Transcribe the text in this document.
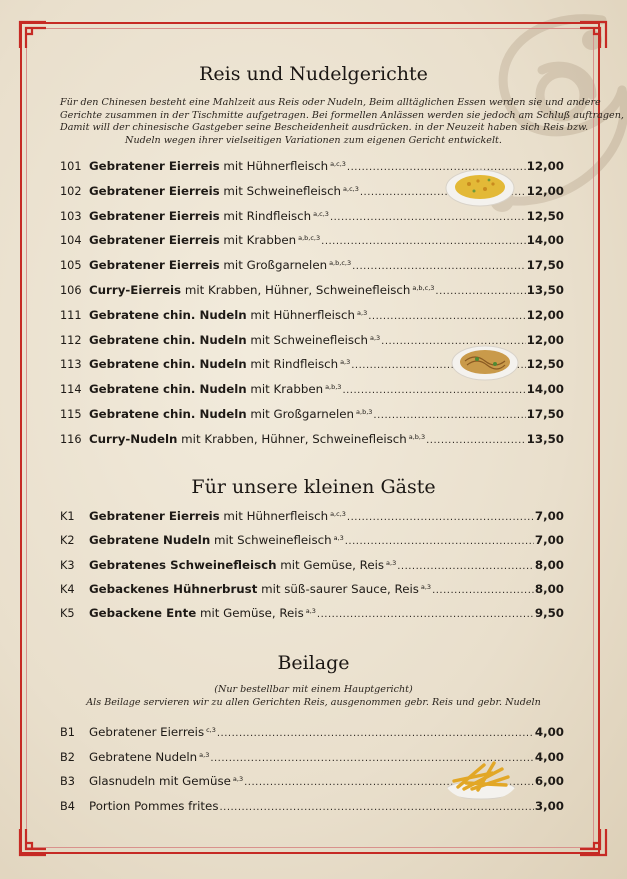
Reis und Nudelgerichte
Für den Chinesen besteht eine Mahlzeit aus Reis oder Nudeln, Beim alltäglichen Essen werden sie und andere
Gerichte zusammen in der Tischmitte aufgetragen. Bei formellen Anlässen werden sie jedoch am Schluß auftragen,
Damit will der chinesische Gastgeber seine Bescheidenheit ausdrücken. in der Neuzeit haben sich Reis bzw.
Nudeln wegen ihrer vielseitigen Variationen zum eigenen Gericht entwickelt.
101 Gebratener Eierreis mit Hühnerfleisch $^{a,c,3}$ .....	12,00
102 Gebratener Eierreis mit Schweinefleisch $^{a,c,3}$ .....	12,00
103 Gebratener Eierreis mit Rindfleisch $^{a,c,3}$ .....	12,50
104 Gebratener Eierreis mit Krabben $^{a,b,c,3}$ .....	14,00
105 Gebratener Eierreis mit Großgarnelen $^{a,b,c,3}$ .....	17,50
106 Curry-Eierreis mit Krabben, Hühner, Schweinefleisch $^{a,b,c,3}$ .....	13,50
111 Gebratene chin. Nudeln mit Hühnerfleisch $^{a,3}$ .....	12,00
112 Gebratene chin. Nudeln mit Schweinefleisch $^{a,3}$ .....	12,00
113 Gebratene chin. Nudeln mit Rindfleisch $^{a,3}$ .....	12,50
114 Gebratene chin. Nudeln mit Krabben $^{a,b,3}$ .....	14,00
115 Gebratene chin. Nudeln mit Großgarnelen $^{a,b,3}$ .....	17,50
116 Curry-Nudeln mit Krabben, Hühner, Schweinefleisch $^{a,b,3}$ .....	13,50
Für unsere kleinen Gäste
K1	Gebratener Eierreis mit Hühnerfleisch $^{a,c,3}$ .....	7,00
K2	Gebratene Nudeln mit Schweinefleisch $^{a,3}$ .....	7,00
K3	Gebratenes Schweinefleisch mit Gemüse, Reis $^{a,3}$ .....	8,00
K4	Gebackenes Hühnerbrust mit süß-saurer Sauce, Reis $^{a,3}$ .....	8,00
K5	Gebackene Ente mit Gemüse, Reis $^{a,3}$ .....	9,50
Beilage
(Nur bestellbar mit einem Hauptgericht)
Als Beilage servieren wir zu allen Gerichten Reis, ausgenommen gebr. Reis und gebr. Nudeln
B1	Gebratener Eierreis $^{c,3}$ .....	4,00
B2	Gebratene Nudeln $^{a,3}$ .....	4,00
B3	Glasnudeln mit Gemüse $^{a,3}$ .....	6,00
B4	Portion Pommes frites .....	3,00
